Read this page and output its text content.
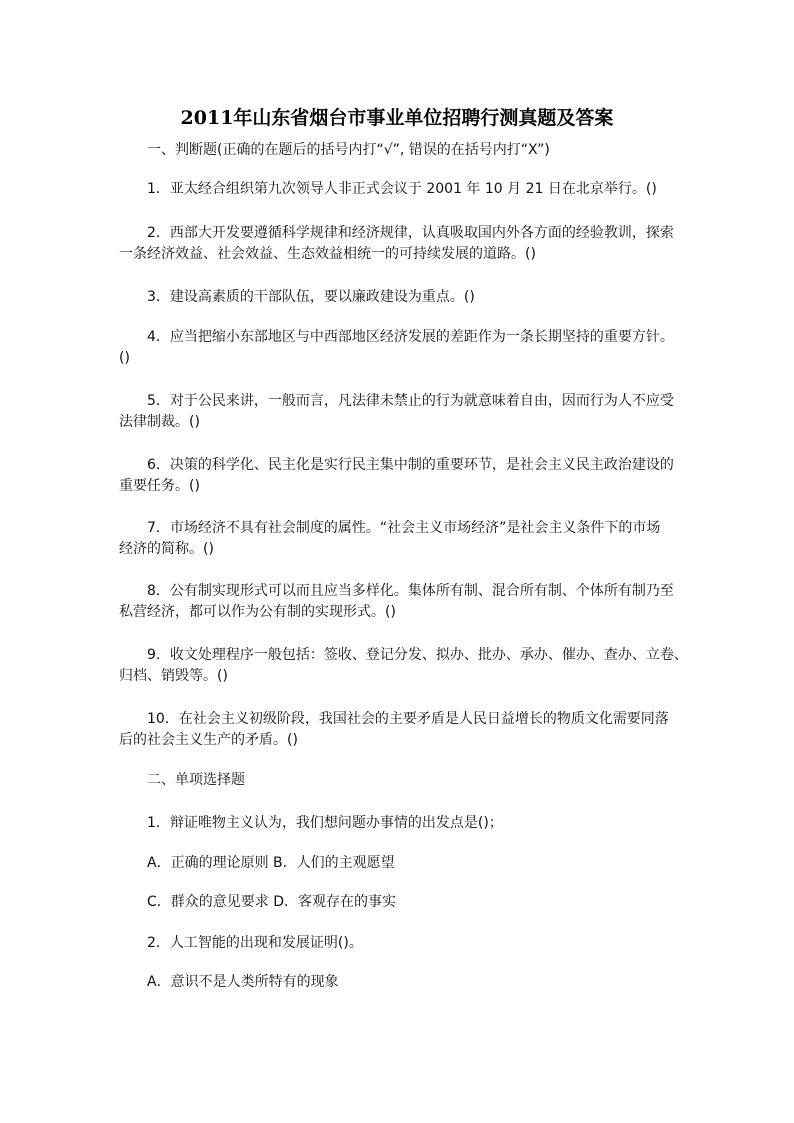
2011年山东省烟台市事业单位招聘行测真题及答案
一、判断题(正确的在题后的括号内打“√”, 错误的在括号内打“X”)
1．亚太经合组织第九次领导人非正式会议于 2001 年 10 月 21 日在北京举行。()
2．西部大开发要遵循科学规律和经济规律，认真吸取国内外各方面的经验教训，探索
一条经济效益、社会效益、生态效益相统一的可持续发展的道路。()
3．建设高素质的干部队伍，要以廉政建设为重点。()
4．应当把缩小东部地区与中西部地区经济发展的差距作为一条长期坚持的重要方针。
()
5．对于公民来讲，一般而言，凡法律未禁止的行为就意味着自由，因而行为人不应受
法律制裁。()
6．决策的科学化、民主化是实行民主集中制的重要环节，是社会主义民主政治建设的
重要任务。()
7．市场经济不具有社会制度的属性。“社会主义市场经济”是社会主义条件下的市场
经济的简称。()
8．公有制实现形式可以而且应当多样化。集体所有制、混合所有制、个体所有制乃至
私营经济，都可以作为公有制的实现形式。()
9．收文处理程序一般包括：签收、登记分发、拟办、批办、承办、催办、查办、立卷、
归档、销毁等。()
10．在社会主义初级阶段，我国社会的主要矛盾是人民日益增长的物质文化需要同落
后的社会主义生产的矛盾。()
二、单项选择题
1．辩证唯物主义认为，我们想问题办事情的出发点是()；
A．正确的理论原则 B．人们的主观愿望
C．群众的意见要求 D．客观存在的事实
2．人工智能的出现和发展证明()。
A．意识不是人类所特有的现象
